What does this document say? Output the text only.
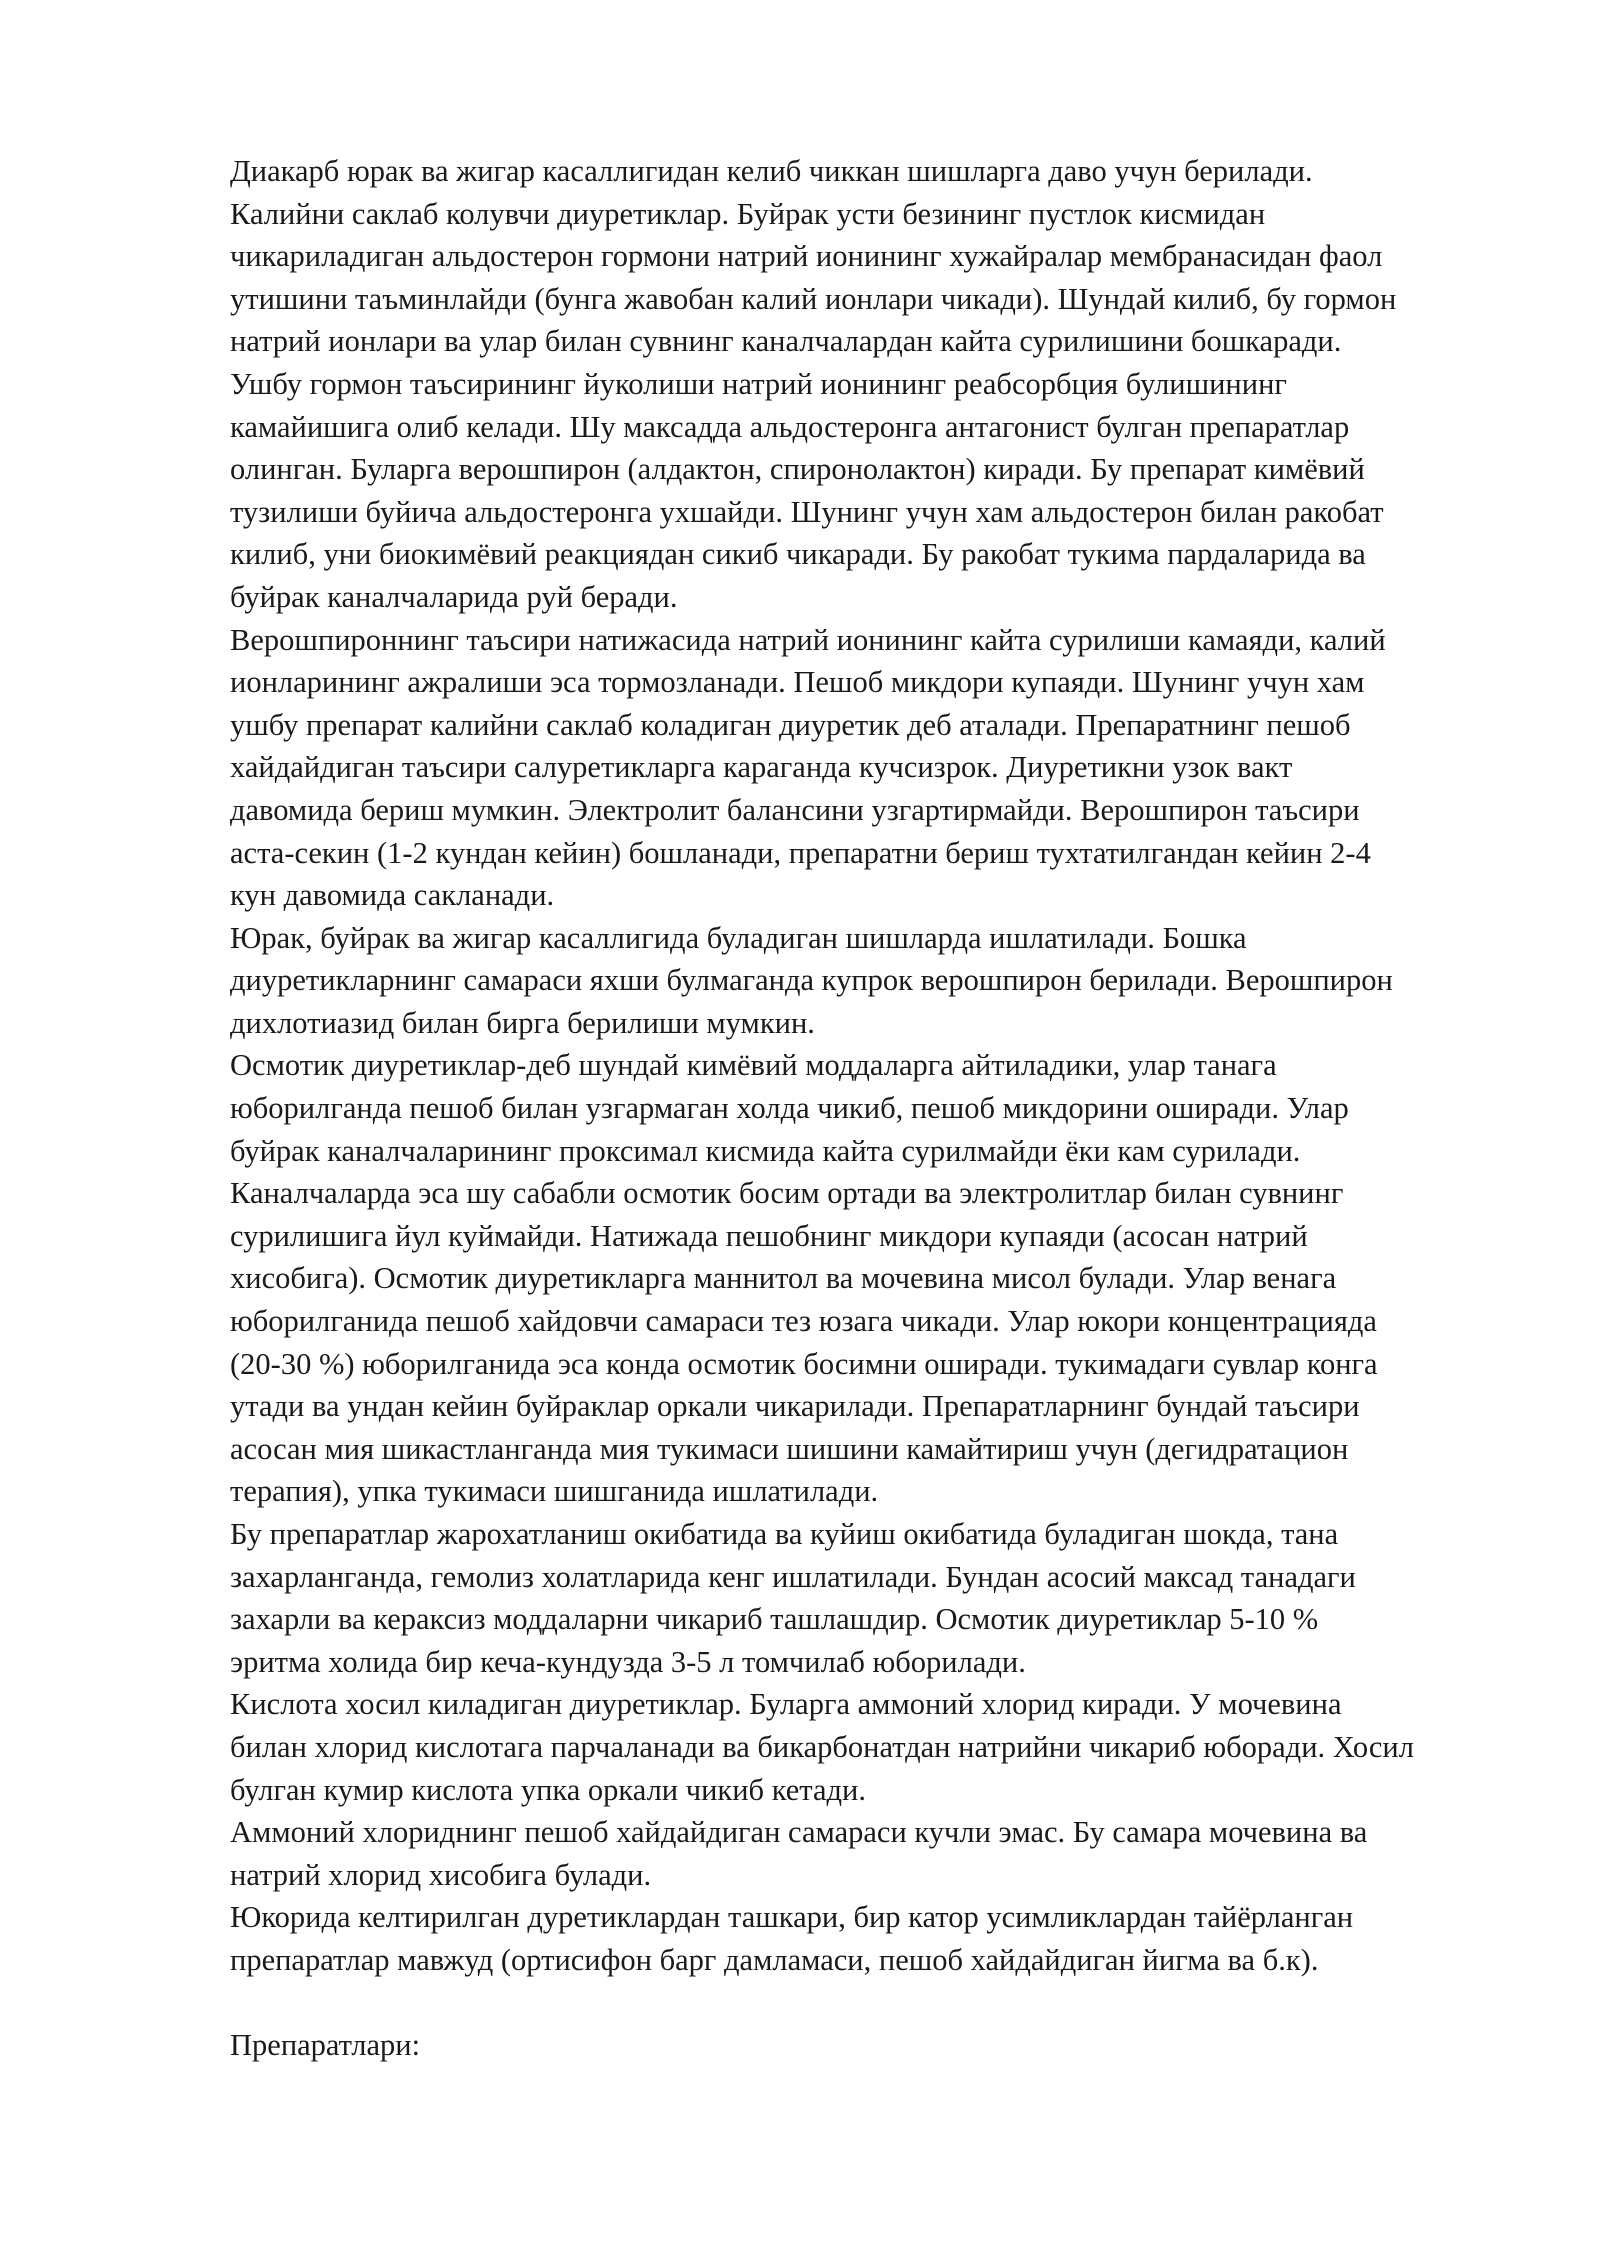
Диакарб юрак ва жигар касаллигидан келиб чиккан шишларга даво учун берилади.

Калийни саклаб колувчи диуретиклар. Буйрак усти безининг пустлок кисмидан
чикариладиган альдостерон гормони натрий ионининг хужайралар мембранасидан фаол
утишини таъминлайди (бунга жавобан калий ионлари чикади). Шундай килиб, бу гормон
натрий ионлари ва улар билан сувнинг каналчалардан кайта сурилишини бошкаради.
Ушбу гормон таъсирининг йуколиши натрий ионининг реабсорбция булишининг
камайишига олиб келади. Шу максадда альдостеронга антагонист булган препаратлар
олинган. Буларга верошпирон (алдактон, спиронолактон) киради. Бу препарат кимёвий
тузилиши буйича альдостеронга ухшайди. Шунинг учун хам альдостерон билан ракобат
килиб, уни биокимёвий реакциядан сикиб чикаради. Бу ракобат тукима пардаларида ва
буйрак каналчаларида руй беради.

Верошпироннинг таъсири натижасида натрий ионининг кайта сурилиши камаяди, калий
ионларининг ажралиши эса тормозланади. Пешоб микдори купаяди. Шунинг учун хам
ушбу препарат калийни саклаб коладиган диуретик деб аталади. Препаратнинг пешоб
хайдайдиган таъсири салуретикларга караганда кучсизрок. Диуретикни узок вакт
давомида бериш мумкин. Электролит балансини узгартирмайди. Верошпирон таъсири
аста-секин (1-2 кундан кейин) бошланади, препаратни бериш тухтатилгандан кейин 2-4
кун давомида сакланади.

Юрак, буйрак ва жигар касаллигида буладиган шишларда ишлатилади. Бошка
диуретикларнинг самараси яхши булмаганда купрок верошпирон берилади. Верошпирон
дихлотиазид билан бирга берилиши мумкин.

Осмотик диуретиклар-деб шундай кимёвий моддаларга айтиладики, улар танага
юборилганда пешоб билан узгармаган холда чикиб, пешоб микдорини оширади. Улар
буйрак каналчаларининг проксимал кисмида кайта сурилмайди ёки кам сурилади.
Каналчаларда эса шу сабабли осмотик босим ортади ва электролитлар билан сувнинг
сурилишига йул куймайди. Натижада пешобнинг микдори купаяди (асосан натрий
хисобига). Осмотик диуретикларга маннитол ва мочевина мисол булади. Улар венага
юборилганида пешоб хайдовчи самараси тез юзага чикади. Улар юкори концентрацияда
(20-30 %) юборилганида эса конда осмотик босимни оширади. тукимадаги сувлар конга
утади ва ундан кейин буйраклар оркали чикарилади. Препаратларнинг бундай таъсири
асосан мия шикастланганда мия тукимаси шишини камайтириш учун (дегидратацион
терапия), упка тукимаси шишганида ишлатилади.

Бу препаратлар жарохатланиш окибатида ва куйиш окибатида буладиган шокда, тана
захарланганда, гемолиз холатларида кенг ишлатилади. Бундан асосий максад танадаги
захарли ва кераксиз моддаларни чикариб ташлашдир. Осмотик диуретиклар 5-10 %
эритма холида бир кеча-кундузда 3-5 л томчилаб юборилади.

Кислота хосил киладиган диуретиклар. Буларга аммоний хлорид киради. У мочевина
билан хлорид кислотага парчаланади ва бикарбонатдан натрийни чикариб юборади. Хосил
булган кумир кислота упка оркали чикиб кетади.

Аммоний хлориднинг пешоб хайдайдиган самараси кучли эмас. Бу самара мочевина ва
натрий хлорид хисобига булади.

Юкорида келтирилган дуретиклардан ташкари, бир катор усимликлардан тайёрланган
препаратлар мавжуд (ортисифон барг дамламаси, пешоб хайдайдиган йигма ва б.к).

Препаратлари:
